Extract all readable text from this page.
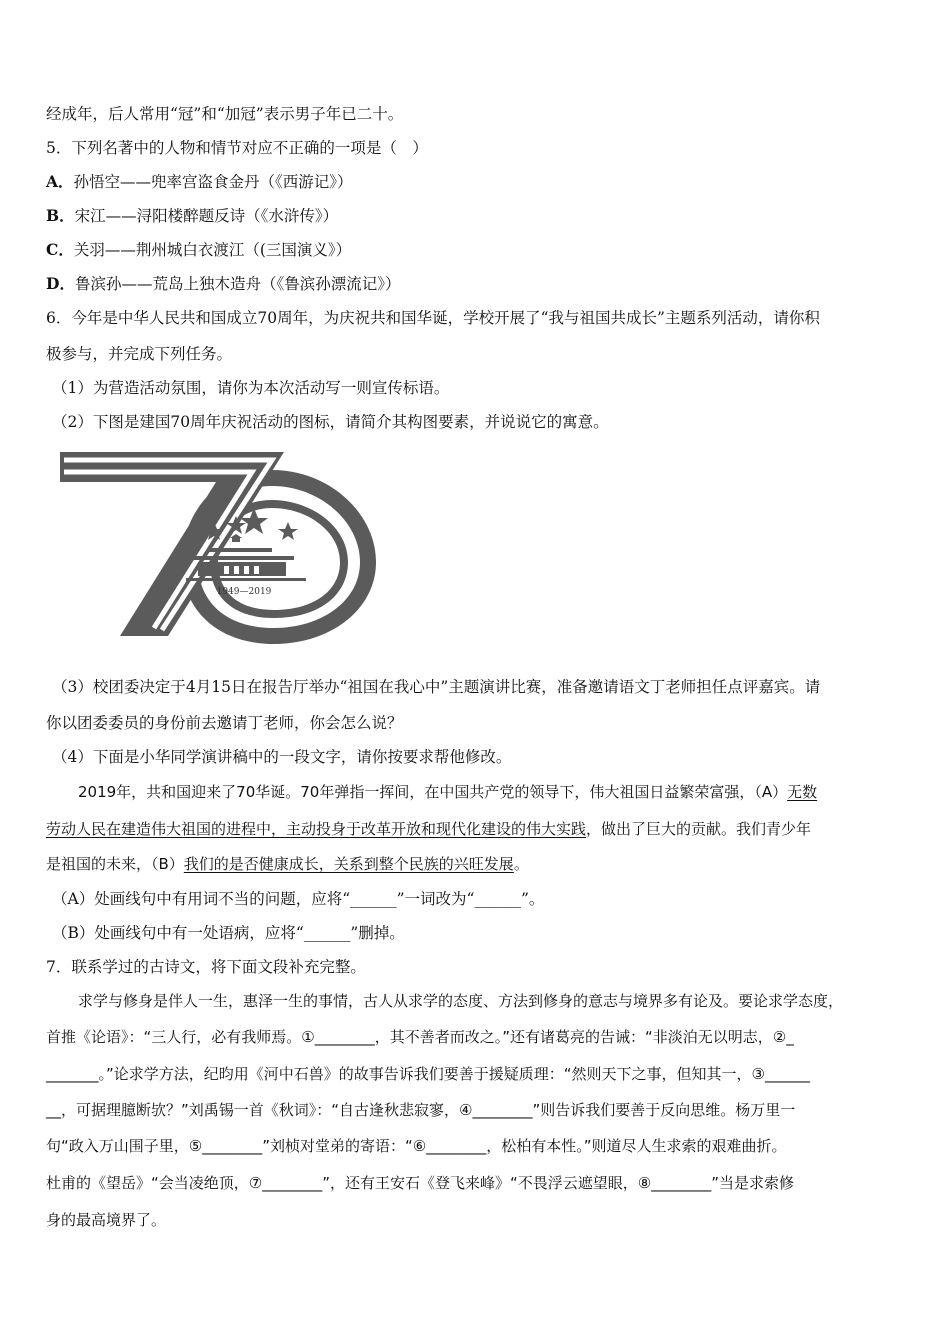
经成年，后人常用“冠”和“加冠”表示男子年已二十。
5．下列名著中的人物和情节对应不正确的一项是（　）
A．孙悟空——兜率宫盗食金丹（《西游记》）
B．宋江——浔阳楼醉题反诗（《水浒传》）
C．关羽——荆州城白衣渡江（(三国演义》）
D．鲁滨孙——荒岛上独木造舟（《鲁滨孙漂流记》）
6．今年是中华人民共和国成立70周年，为庆祝共和国华诞，学校开展了“我与祖国共成长”主题系列活动，请你积
极参与，并完成下列任务。
（1）为营造活动氛围，请你为本次活动写一则宣传标语。
（2）下图是建国70周年庆祝活动的图标，请简介其构图要素，并说说它的寓意。
1949—2019
（3）校团委决定于4月15日在报告厅举办“祖国在我心中”主题演讲比赛，准备邀请语文丁老师担任点评嘉宾。请
你以团委委员的身份前去邀请丁老师，你会怎么说？
（4）下面是小华同学演讲稿中的一段文字，请你按要求帮他修改。
2019年，共和国迎来了70华诞。70年弹指一挥间，在中国共产党的领导下，伟大祖国日益繁荣富强，（A）无数
劳动人民在建造伟大祖国的进程中，主动投身于改革开放和现代化建设的伟大实践，做出了巨大的贡献。我们青少年
是祖国的未来，（B）我们的是否健康成长，关系到整个民族的兴旺发展。
（A）处画线句中有用词不当的问题，应将“______”一词改为“______”。
（B）处画线句中有一处语病，应将“______”删掉。
7．联系学过的古诗文，将下面文段补充完整。
求学与修身是伴人一生，惠泽一生的事情，古人从求学的态度、方法到修身的意志与境界多有论及。要论求学态度，
首推《论语》：“三人行，必有我师焉。①________，其不善者而改之。”还有诸葛亮的告诫：“非淡泊无以明志，②_
_______。”论求学方法，纪昀用《河中石兽》的故事告诉我们要善于援疑质理：“然则天下之事，但知其一，③______
__，可据理臆断欤？”刘禹锡一首《秋词》：“自古逢秋悲寂寥，④________”则告诉我们要善于反向思维。杨万里一
句“政入万山围子里，⑤________”刘桢对堂弟的寄语：“⑥________，松柏有本性。”则道尽人生求索的艰难曲折。
杜甫的《望岳》“会当凌绝顶，⑦________”，还有王安石《登飞来峰》“不畏浮云遮望眼，⑧________”当是求索修
身的最高境界了。
